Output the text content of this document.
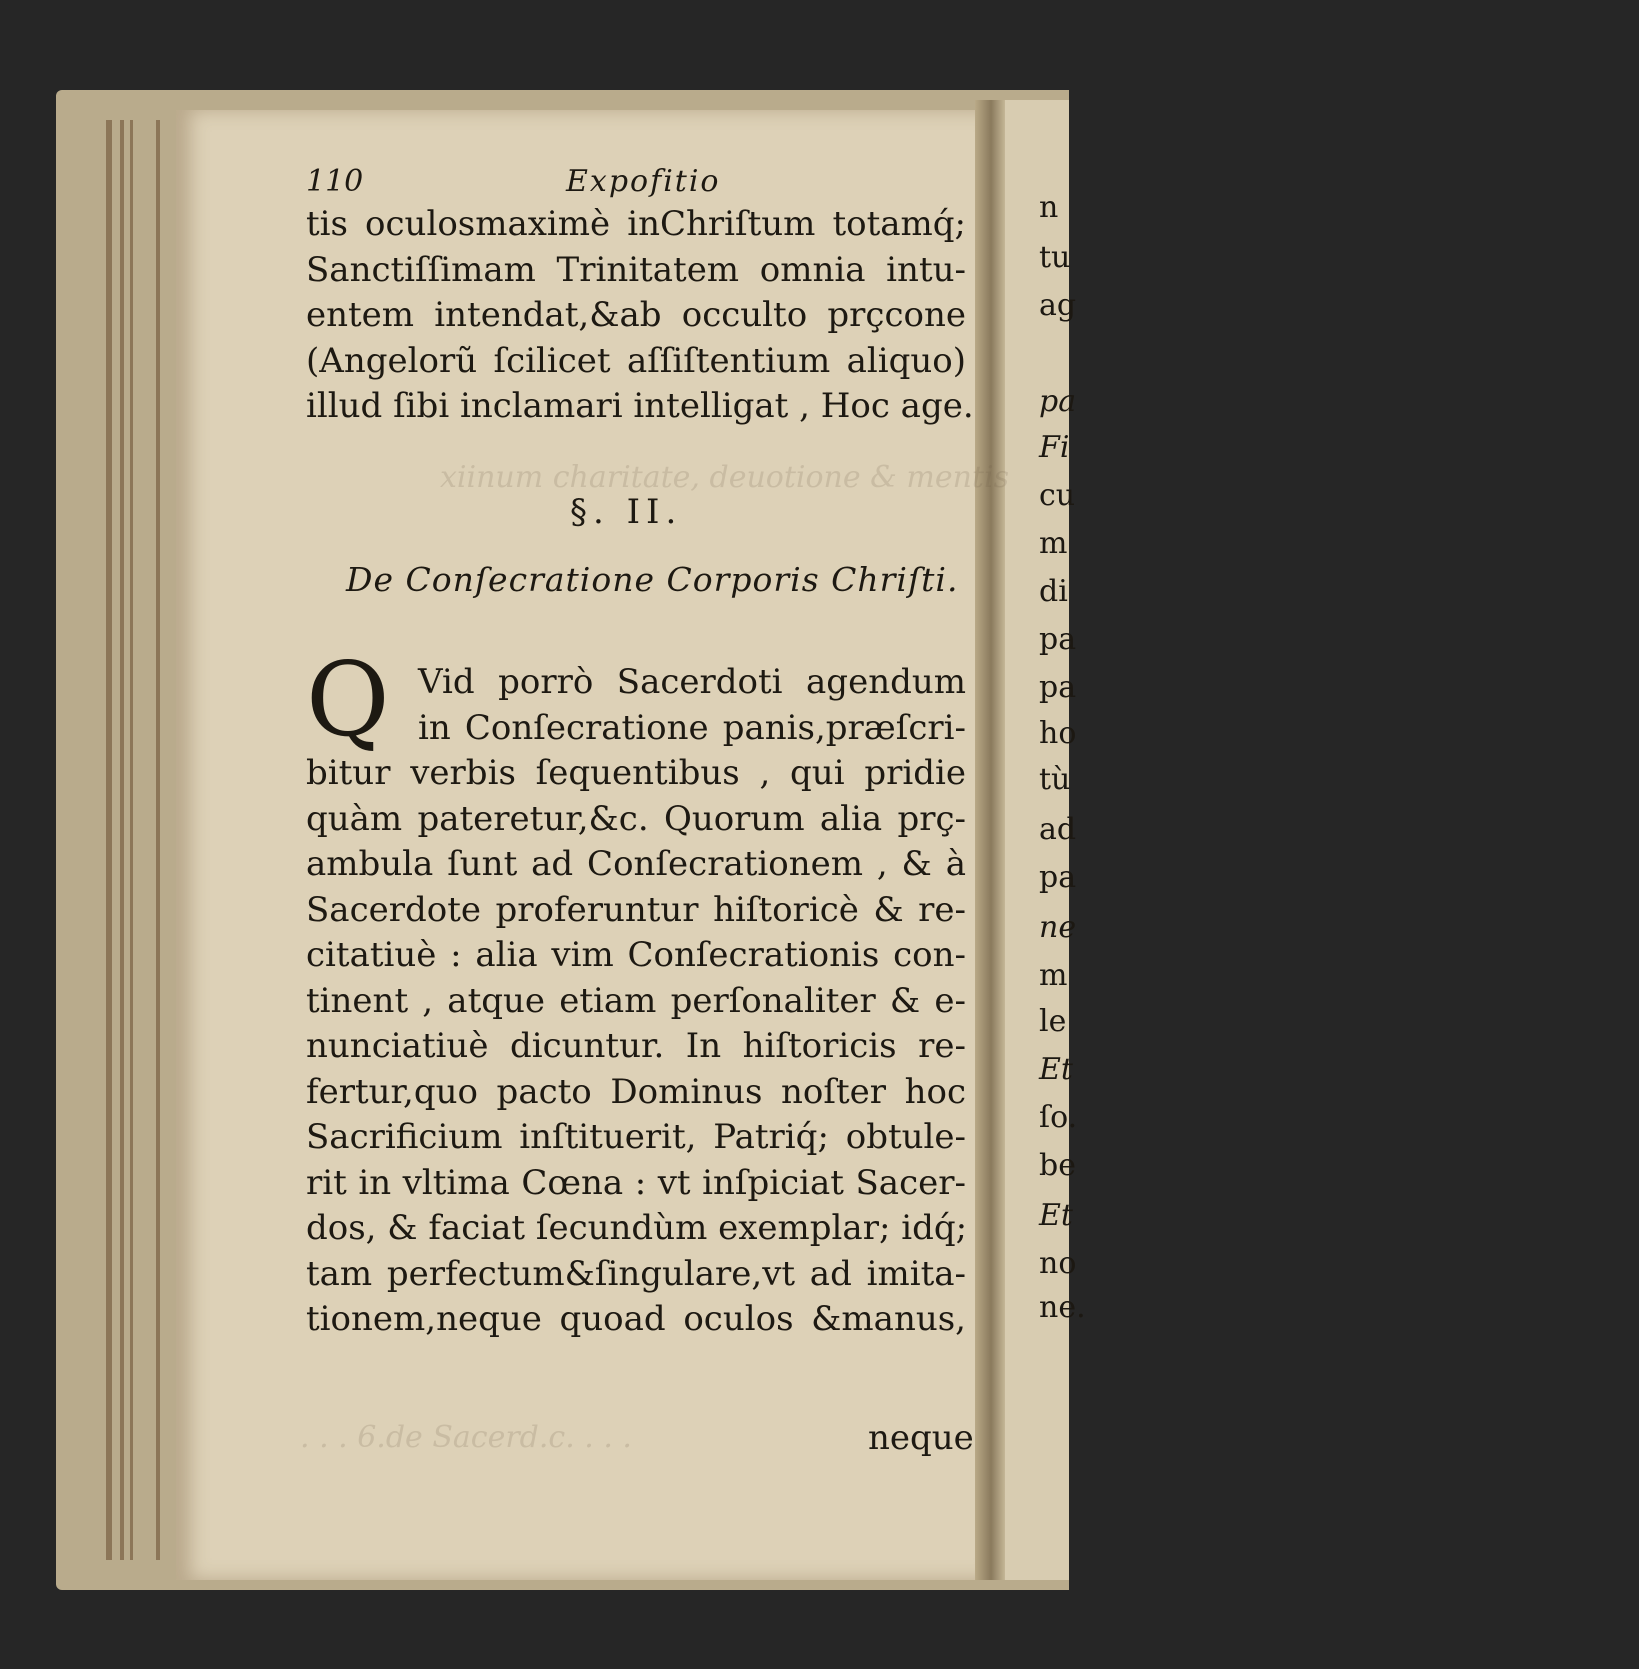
n
tu
ag
pa
Fi
cu
m
di
pa
pa
ho
tù
ad
pa
ne
m
le
Et
ſo.
be
Et
no
ne.
xiinum charitate, deuotione & mentis
. . . 6.de Sacerd.c. . . .
110	Expofitio
tis oculosmaximè inChriſtum totamq́;
Sanctiſſimam Trinitatem omnia intu-
entem intendat,&ab occulto prçcone
(Angelorũ ſcilicet aſſiſtentium aliquo)
illud ſibi inclamari intelligat , Hoc age.
§. II.
De Conſecratione Corporis Chriſti.
Q Vid porrò Sacerdoti agendum
in Conſecratione panis,præſcri-
bitur verbis ſequentibus , qui pridie
quàm pateretur,&c. Quorum alia prç-
ambula ſunt ad Conſecrationem , & à
Sacerdote proferuntur hiſtoricè & re-
citatiuè : alia vim Conſecrationis con-
tinent , atque etiam perſonaliter & e-
nunciatiuè dicuntur. In hiſtoricis re-
fertur,quo pacto Dominus noſter hoc
Sacrificium inſtituerit, Patriq́; obtule-
rit in vltima Cœna : vt inſpiciat Sacer-
dos, & faciat ſecundùm exemplar; idq́;
tam perfectum&ſingulare,vt ad imita-
tionem,neque quoad oculos &manus,
neque
